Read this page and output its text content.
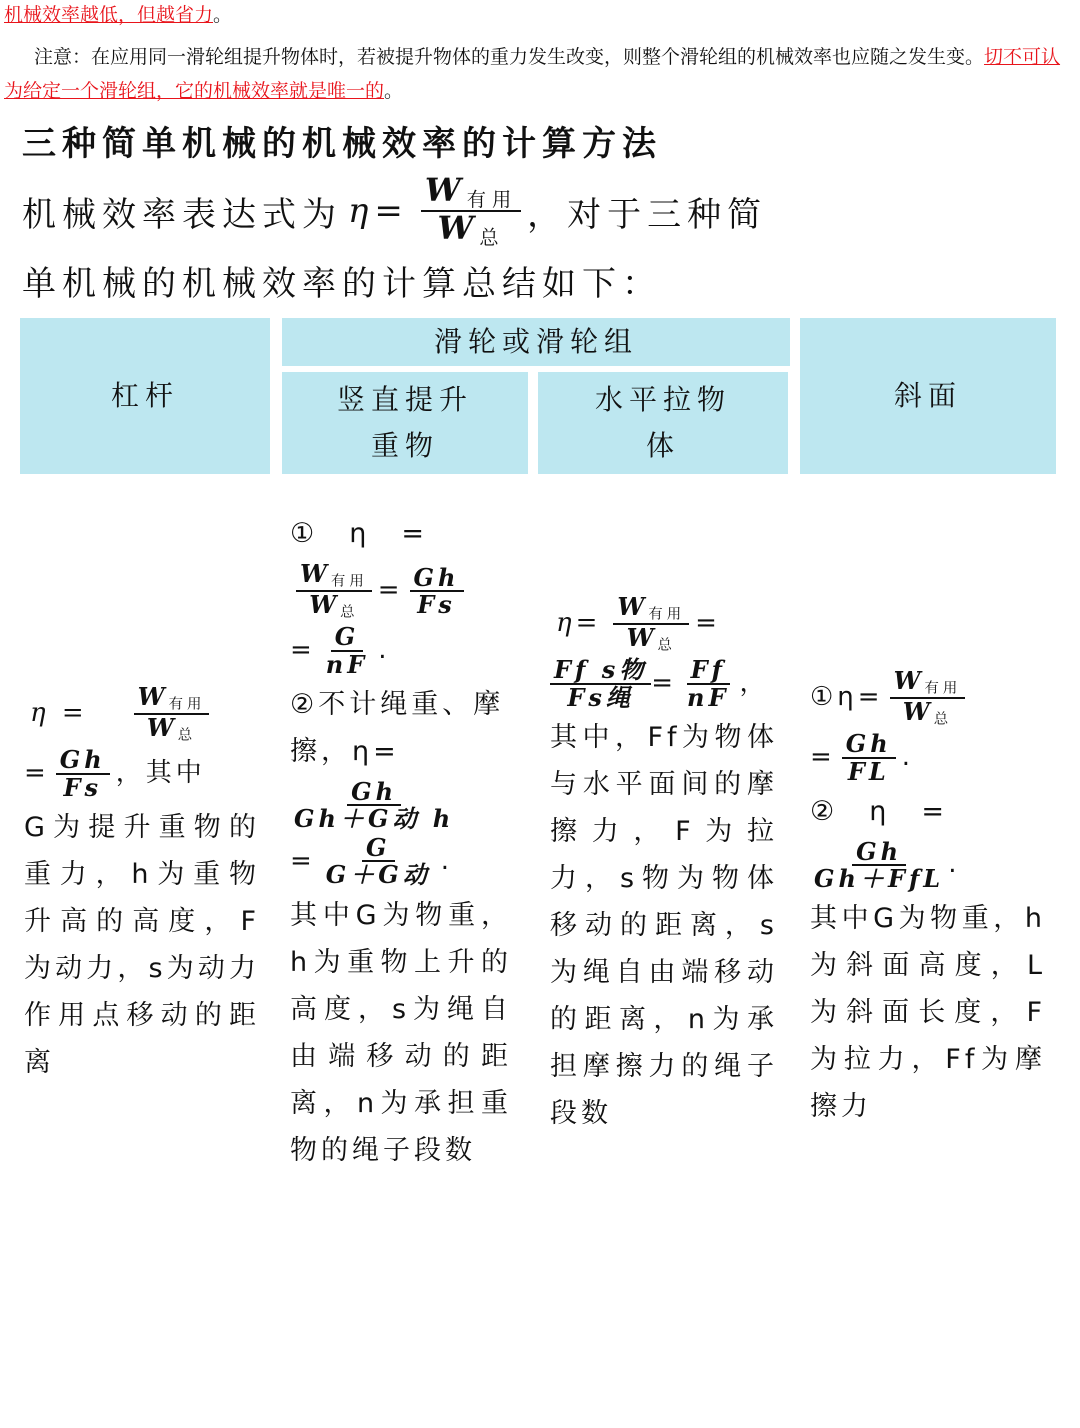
机械效率越低，但越省力。
注意：在应用同一滑轮组提升物体时，若被提升物体的重力发生改变，则整个滑轮组的机械效率也应随之发生变。切不可认为给定一个滑轮组，它的机械效率就是唯一的。
三种简单机械的机械效率的计算方法
机械效率表达式为 $\eta= \frac{W_{有用}}{W_总}$ ，对于三种简
单机械的机械效率的计算总结如下：
杠杆
滑轮或滑轮组
竖直提升重物
水平拉物体
斜面
$\eta = \frac{W_{有用}}{W_总}$
= $\frac{Gh}{Fs}$ ，其中
G为提升重物的重力，h为重物升高的高度，F为动力，s为动力作用点移动的距离
①　η　=
$\frac{W_{有用}}{W_总} = \frac{Gh}{Fs}$
= $\frac{G}{nF}$ .
②不计绳重、摩擦，η=
$\frac{Gh}{\text{Gh＋G动 h}}$
= $\frac{G}{\text{G＋G动}}$ .
其中G为物重，h为重物上升的高度，s为绳自由端移动的距离，n为承担重物的绳子段数
$\eta= \frac{W_{有用}}{W_总}$ =
$\frac{\text{Ff s物}}{\text{Fs绳}} = \frac{Ff}{nF}$ ，
其中，Ff为物体与水平面间的摩擦力，F为拉力，s物为物体移动的距离，s为绳自由端移动的距离，n为承担摩擦力的绳子段数
①η= $\frac{W_{有用}}{W_总}$
= $\frac{Gh}{FL}$ .
②　η　=
$\frac{Gh}{\text{Gh＋FfL}}$ .
其中G为物重，h为斜面高度，L为斜面长度，F为拉力，Ff为摩擦力
